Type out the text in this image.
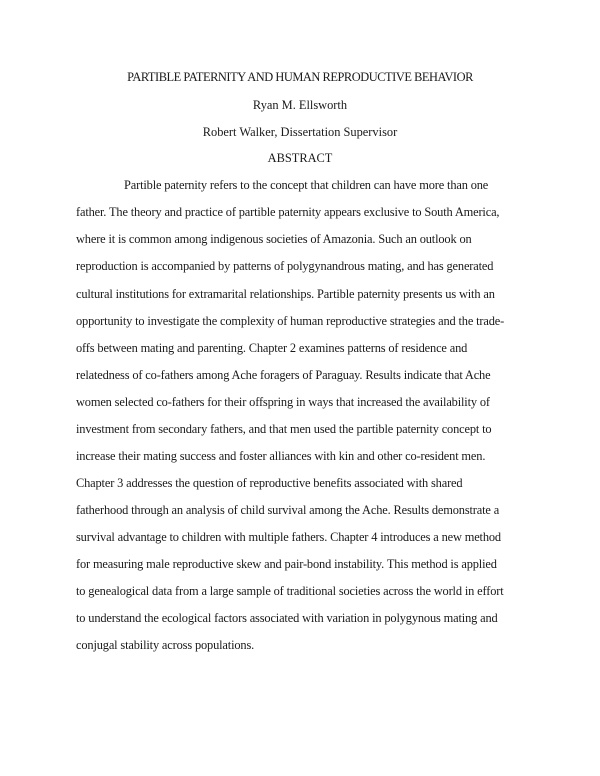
PARTIBLE PATERNITY AND HUMAN REPRODUCTIVE BEHAVIOR
Ryan M. Ellsworth
Robert Walker, Dissertation Supervisor
ABSTRACT
Partible paternity refers to the concept that children can have more than one
father. The theory and practice of partible paternity appears exclusive to South America,
where it is common among indigenous societies of Amazonia. Such an outlook on
reproduction is accompanied by patterns of polygynandrous mating, and has generated
cultural institutions for extramarital relationships. Partible paternity presents us with an
opportunity to investigate the complexity of human reproductive strategies and the trade-
offs between mating and parenting. Chapter 2 examines patterns of residence and
relatedness of co-fathers among Ache foragers of Paraguay. Results indicate that Ache
women selected co-fathers for their offspring in ways that increased the availability of
investment from secondary fathers, and that men used the partible paternity concept to
increase their mating success and foster alliances with kin and other co-resident men.
Chapter 3 addresses the question of reproductive benefits associated with shared
fatherhood through an analysis of child survival among the Ache. Results demonstrate a
survival advantage to children with multiple fathers. Chapter 4 introduces a new method
for measuring male reproductive skew and pair-bond instability. This method is applied
to genealogical data from a large sample of traditional societies across the world in effort
to understand the ecological factors associated with variation in polygynous mating and
conjugal stability across populations.
